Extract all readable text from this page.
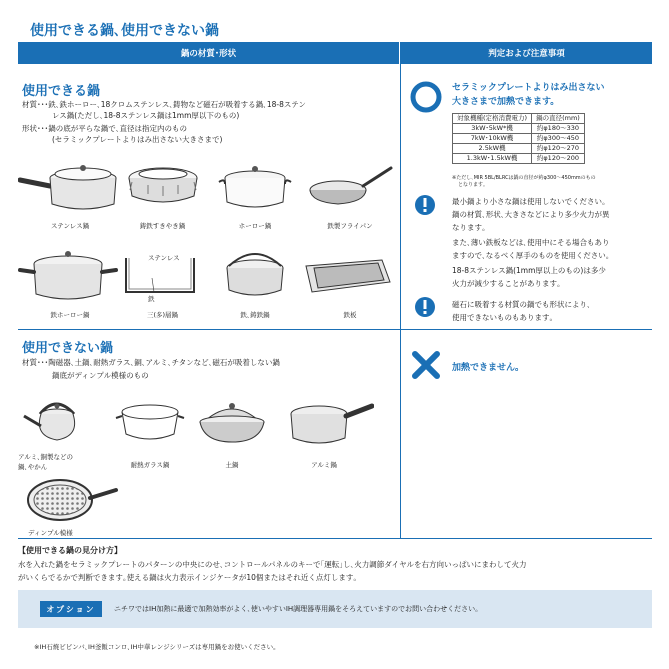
使用できる鍋､使用できない鍋
鍋の材質･形状	判定および注意事項
使用できる鍋
材質･･･鉄､鉄ホーロー､18クロムステンレス､鋳物など磁石が吸着する鍋､18-8ステン
　　　　レス鍋(ただし､18-8ステンレス鍋は1mm厚以下のもの)
形状･･･鍋の底が平らな鍋で､直径は指定内のもの
　　　　(セラミックプレートよりはみ出さない大きさまで)
ステンレス鍋	鋳鉄すきやき鍋	ホーロー鍋	鉄製フライパン
ステンレス
鉄
鉄ホーロー鍋	三(多)層鍋	鉄､鋳鉄鍋	鉄板
セラミックプレートよりはみ出さない
大きさまで加熱できます。
対象機種(定格消費電力)	鍋の直径(mm)
3kW･5kW*機	約φ180～330
7kW･10kW機	約φ300～450
2.5kW機	約φ120～270
1.3kW･1.5kW機	約φ120～200
※ただし､MIR 5BL/BLRCは鍋の直径が約φ300～450mmのもの
となります｡
最小鍋より小さな鍋は使用しないでください｡
鍋の材質､形状､大きさなどにより多少火力が異
なります｡
また､薄い鉄板などは､使用中にそる場合もあり
ますので､なるべく厚手のものを使用ください｡
18-8ステンレス鍋(1mm厚以上のもの)は多少
火力が減少することがあります｡
磁石に吸着する材質の鍋でも形状により､
使用できないものもあります｡
加熱できません｡
使用できない鍋
材質･･･陶磁器､土鍋､耐熱ガラス､銅､アルミ､チタンなど､磁石が吸着しない鍋
　　　　鍋底がディンプル模様のもの
アルミ､銅製などの
鍋､やかん	耐熱ガラス鍋	土鍋	アルミ鍋
ディンプル模様
【使用できる鍋の見分け方】
水を入れた鍋をセラミックプレートのパターンの中央にのせ､コントロールパネルのキーで｢運転｣し､火力調節ダイヤルを右方向いっぱいにまわして火力
がいくらでるかで判断できます｡使える鍋は火力表示インジケータが10個またはそれ近く点灯します｡
オプション	ニチワではIH加熱に最適で加熱効率がよく､使いやすいIH調理器専用鍋をそろえていますのでお問い合わせください｡
※IH石焼ビビンバ､IH釜飯コンロ､IH中華レンジシリーズは専用鍋をお使いください｡
